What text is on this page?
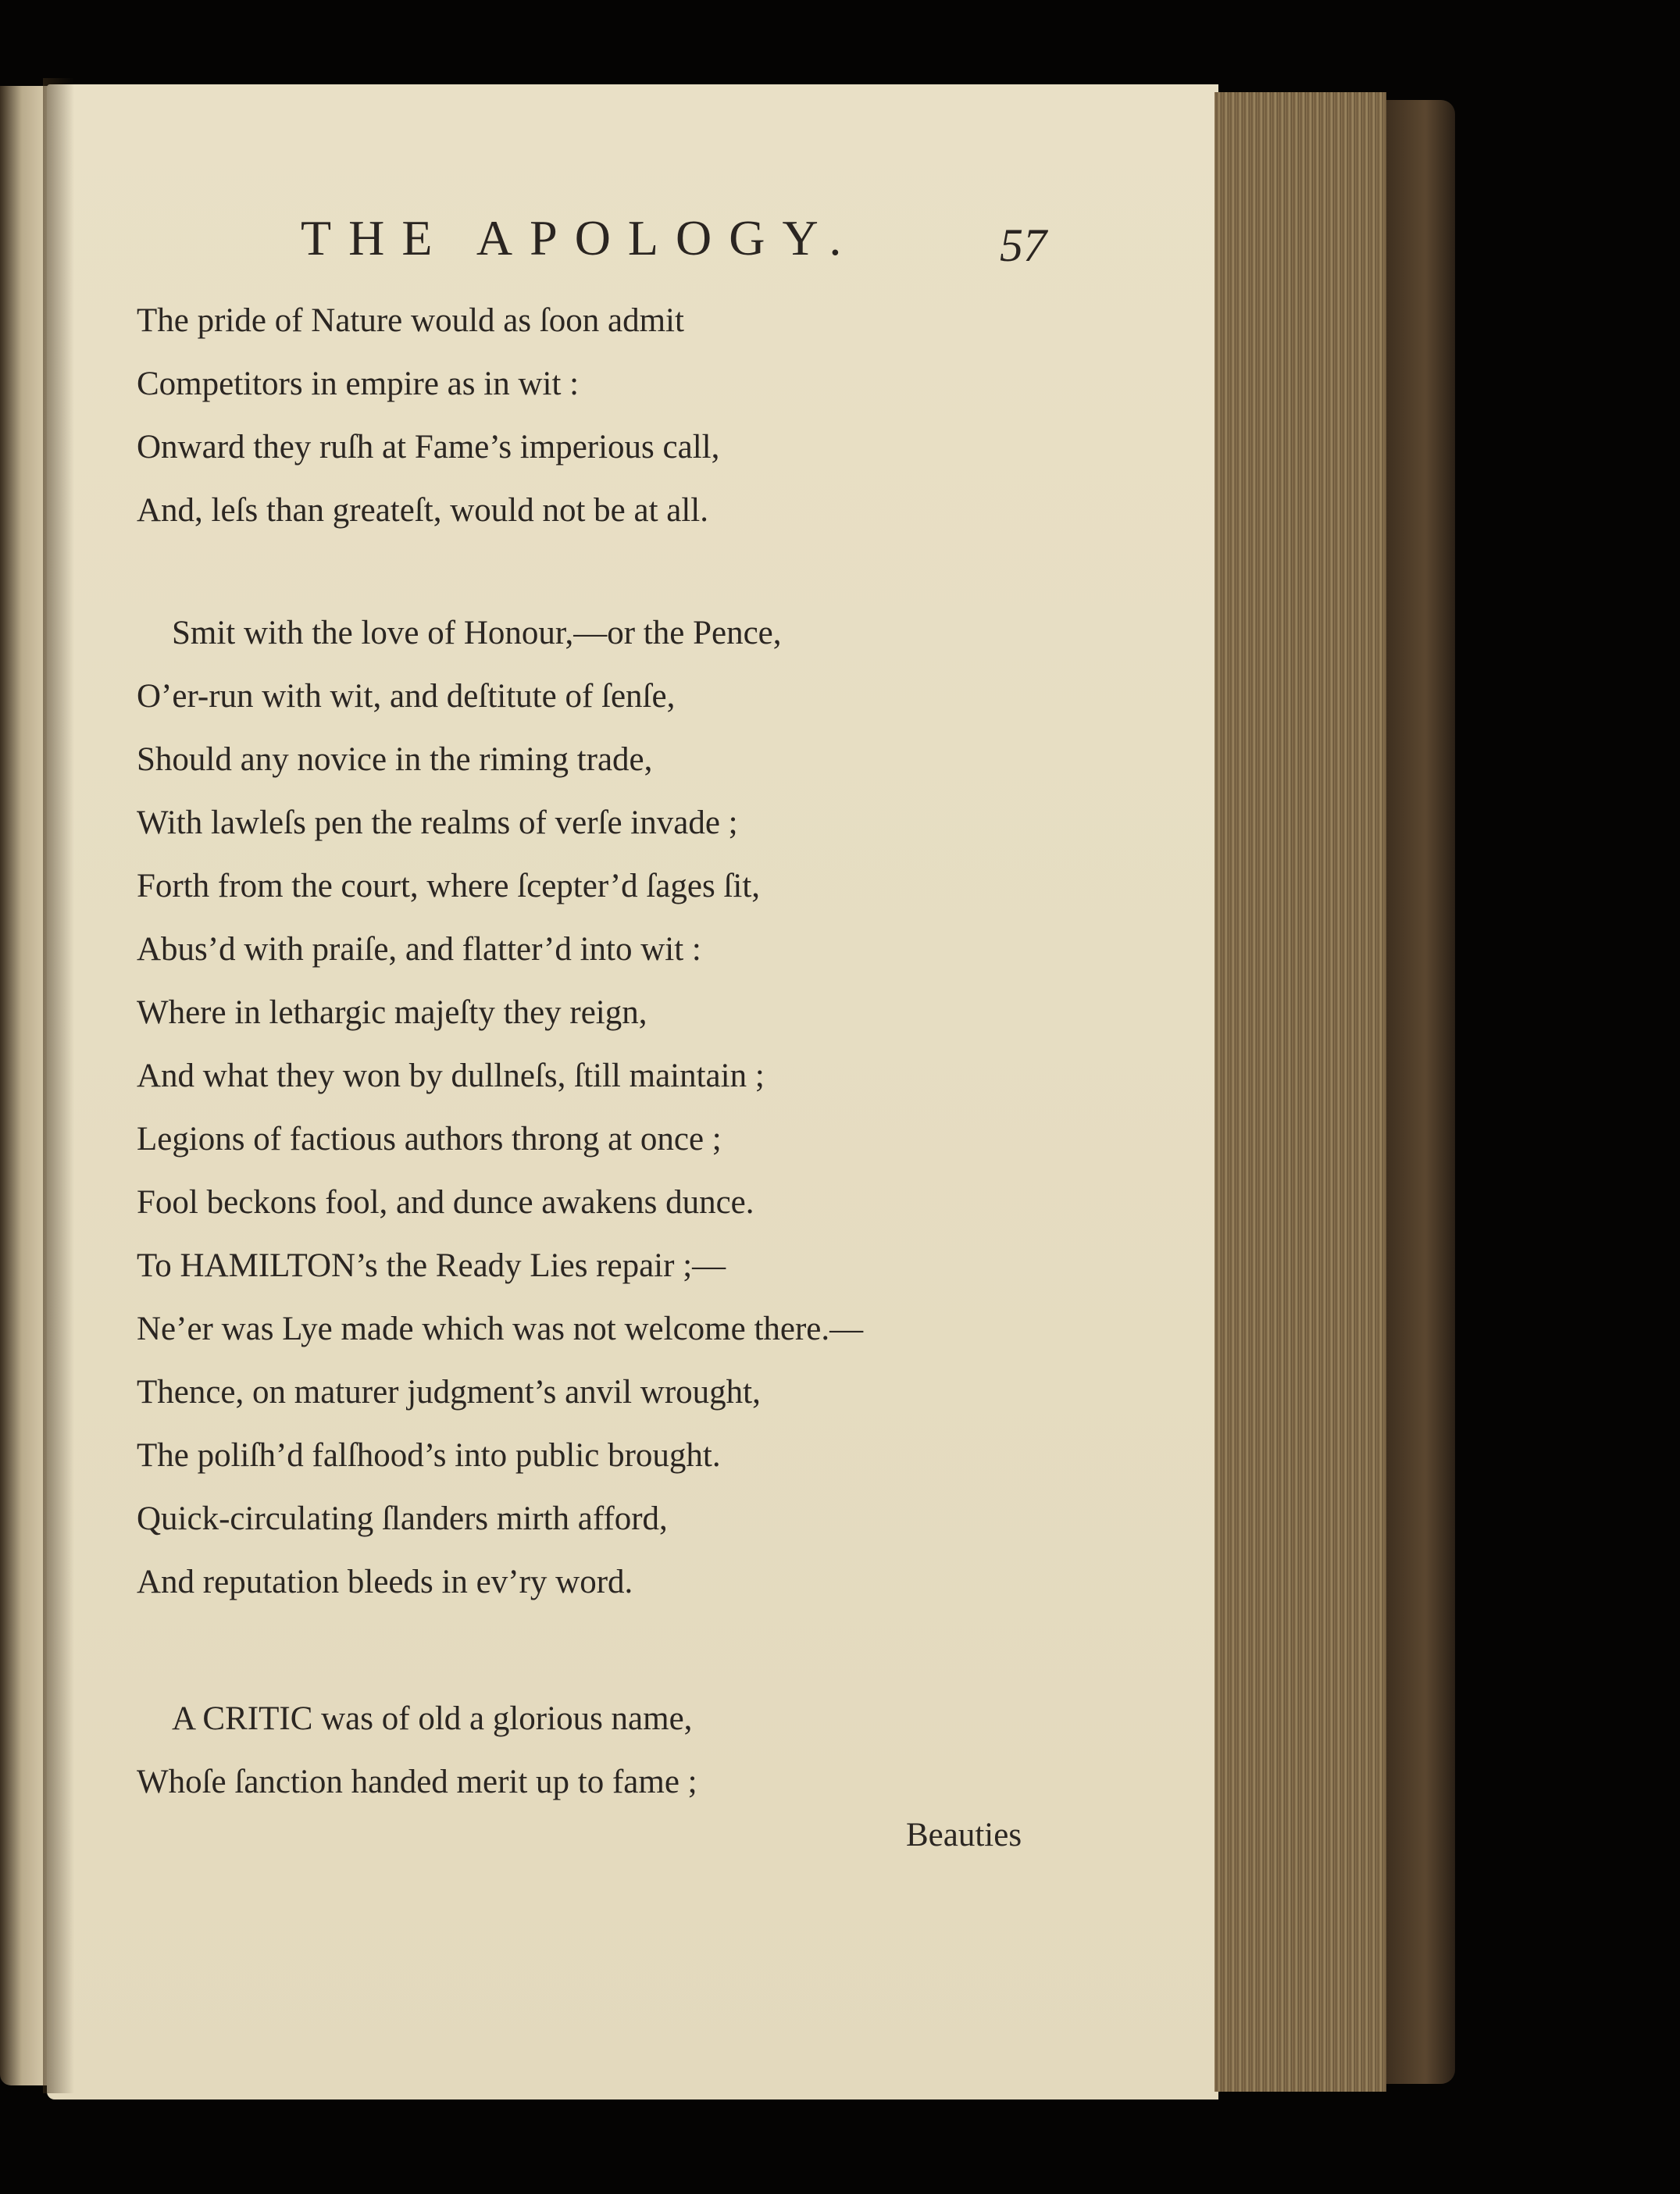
THE APOLOGY.	57
The pride of Nature would as ſoon admit
Competitors in empire as in wit :
Onward they ruſh at Fame’s imperious call,
And, leſs than greateſt, would not be at all.
Smit with the love of Honour,—or the Pence,
O’er-run with wit, and deſtitute of ſenſe,
Should any novice in the riming trade,
With lawleſs pen the realms of verſe invade ;
Forth from the court, where ſcepter’d ſages ſit,
Abus’d with praiſe, and flatter’d into wit :
Where in lethargic majeſty they reign,
And what they won by dullneſs, ſtill maintain ;
Legions of factious authors throng at once ;
Fool beckons fool, and dunce awakens dunce.
To HAMILTON’s the Ready Lies repair ;—
Ne’er was Lye made which was not welcome there.—
Thence, on maturer judgment’s anvil wrought,
The poliſh’d falſhood’s into public brought.
Quick-circulating ſlanders mirth afford,
And reputation bleeds in ev’ry word.
A CRITIC was of old a glorious name,
Whoſe ſanction handed merit up to fame ;
Beauties
